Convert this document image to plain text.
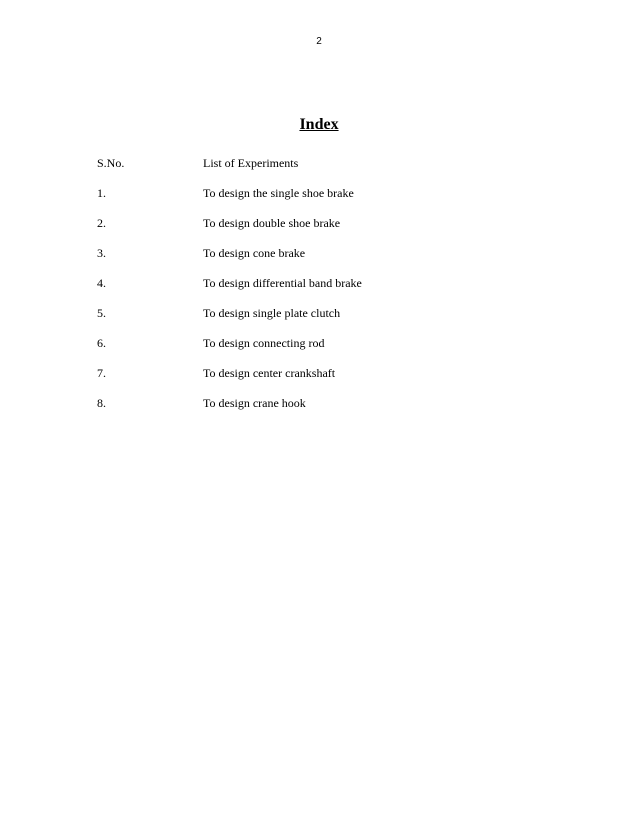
2
Index
S.No.	List of Experiments
1.	To design the single shoe brake
2.	To design double shoe brake
3.	To design cone brake
4.	To design differential band brake
5.	To design single plate clutch
6.	To design connecting rod
7.	To design center crankshaft
8.	To design crane hook
